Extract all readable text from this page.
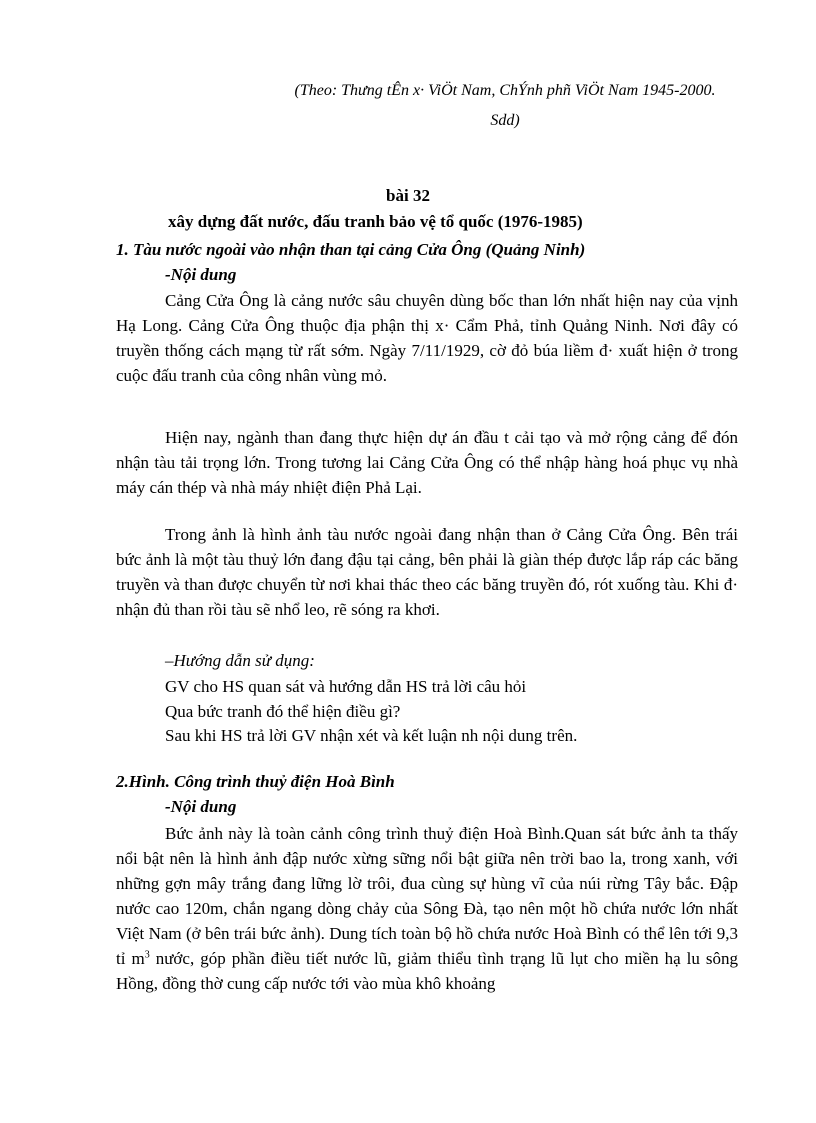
(Theo: Thưng tÊn x· ViÖt Nam, ChÝnh phñ ViÖt Nam 1945-2000.
Sdd)
bài 32
xây dựng đất nước, đấu tranh bảo vệ tổ quốc (1976-1985)
1. Tàu nước ngoài vào nhận than tại cảng Cửa Ông (Quảng Ninh)
-Nội dung

Cảng Cửa Ông là cảng nước sâu chuyên dùng bốc than lớn nhất hiện nay của vịnh Hạ Long. Cảng Cửa Ông thuộc địa phận thị x· Cẩm Phả, tỉnh Quảng Ninh. Nơi đây có truyền thống cách mạng từ rất sớm. Ngày 7/11/1929, cờ đỏ búa liềm đ· xuất hiện ở trong cuộc đấu tranh của công nhân vùng mỏ.

Hiện nay, ngành than đang thực hiện dự án đầu t cải tạo và mở rộng cảng để đón nhận tàu tải trọng lớn. Trong tương lai Cảng Cửa Ông có thể nhập hàng hoá phục vụ nhà máy cán thép và nhà máy nhiệt điện Phả Lại.

Trong ảnh là hình ảnh tàu nước ngoài đang nhận than ở Cảng Cửa Ông. Bên trái bức ảnh là một tàu thuỷ lớn đang đậu tại cảng, bên phải là giàn thép được lắp ráp các băng truyền và than được chuyển từ nơi khai thác theo các băng truyền đó, rót xuống tàu. Khi đ· nhận đủ than rồi tàu sẽ nhổ leo, rẽ sóng ra khơi.

–Hướng dẫn sử dụng:
GV cho HS quan sát và hướng dẫn HS trả lời câu hỏi
Qua bức tranh đó thể hiện điều gì?
Sau khi HS trả lời GV nhận xét và kết luận nh nội dung trên.
2.Hình. Công trình thuỷ điện Hoà Bình
-Nội dung

Bức ảnh này là toàn cảnh công trình thuỷ điện Hoà Bình.Quan sát bức ảnh ta thấy nổi bật nên là hình ảnh đập nước xừng sững nổi bật giữa nên trời bao la, trong xanh, với những gợn mây trắng đang lững lờ trôi, đua cùng sự hùng vĩ của núi rừng Tây bắc. Đập nước cao 120m, chắn ngang dòng chảy của Sông Đà, tạo nên một hồ chứa nước lớn nhất Việt Nam (ở bên trái bức ảnh). Dung tích toàn bộ hồ chứa nước Hoà Bình có thể lên tới 9,3 tỉ $m^3$ nước, góp phần điều tiết nước lũ, giảm thiểu tình trạng lũ lụt cho miền hạ lu sông Hồng, đồng thờ cung cấp nước tới vào mùa khô khoảng
